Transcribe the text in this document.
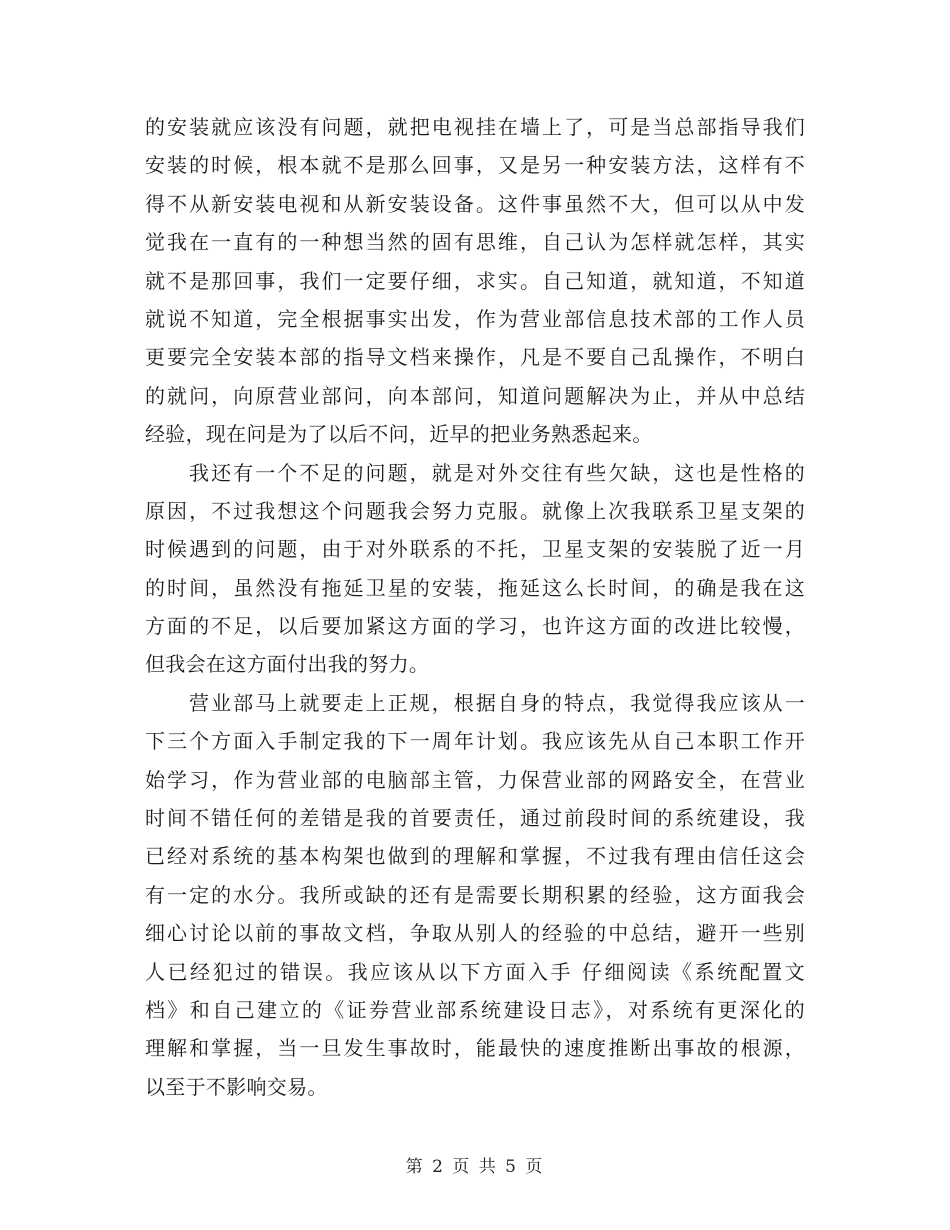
的安装就应该没有问题，就把电视挂在墙上了，可是当总部指导我们
安装的时候，根本就不是那么回事，又是另一种安装方法，这样有不
得不从新安装电视和从新安装设备。这件事虽然不大，但可以从中发
觉我在一直有的一种想当然的固有思维，自己认为怎样就怎样，其实
就不是那回事，我们一定要仔细，求实。自己知道，就知道，不知道
就说不知道，完全根据事实出发，作为营业部信息技术部的工作人员
更要完全安装本部的指导文档来操作，凡是不要自己乱操作，不明白
的就问，向原营业部问，向本部问，知道问题解决为止，并从中总结
经验，现在问是为了以后不问，近早的把业务熟悉起来。
我还有一个不足的问题，就是对外交往有些欠缺，这也是性格的
原因，不过我想这个问题我会努力克服。就像上次我联系卫星支架的
时候遇到的问题，由于对外联系的不托，卫星支架的安装脱了近一月
的时间，虽然没有拖延卫星的安装，拖延这么长时间，的确是我在这
方面的不足，以后要加紧这方面的学习，也许这方面的改进比较慢，
但我会在这方面付出我的努力。
营业部马上就要走上正规，根据自身的特点，我觉得我应该从一
下三个方面入手制定我的下一周年计划。我应该先从自己本职工作开
始学习，作为营业部的电脑部主管，力保营业部的网路安全，在营业
时间不错任何的差错是我的首要责任，通过前段时间的系统建设，我
已经对系统的基本构架也做到的理解和掌握，不过我有理由信任这会
有一定的水分。我所或缺的还有是需要长期积累的经验，这方面我会
细心讨论以前的事故文档，争取从别人的经验的中总结，避开一些别
人已经犯过的错误。我应该从以下方面入手 仔细阅读《系统配置文
档》和自己建立的《证券营业部系统建设日志》，对系统有更深化的
理解和掌握，当一旦发生事故时，能最快的速度推断出事故的根源，
以至于不影响交易。
第 2 页 共 5 页
